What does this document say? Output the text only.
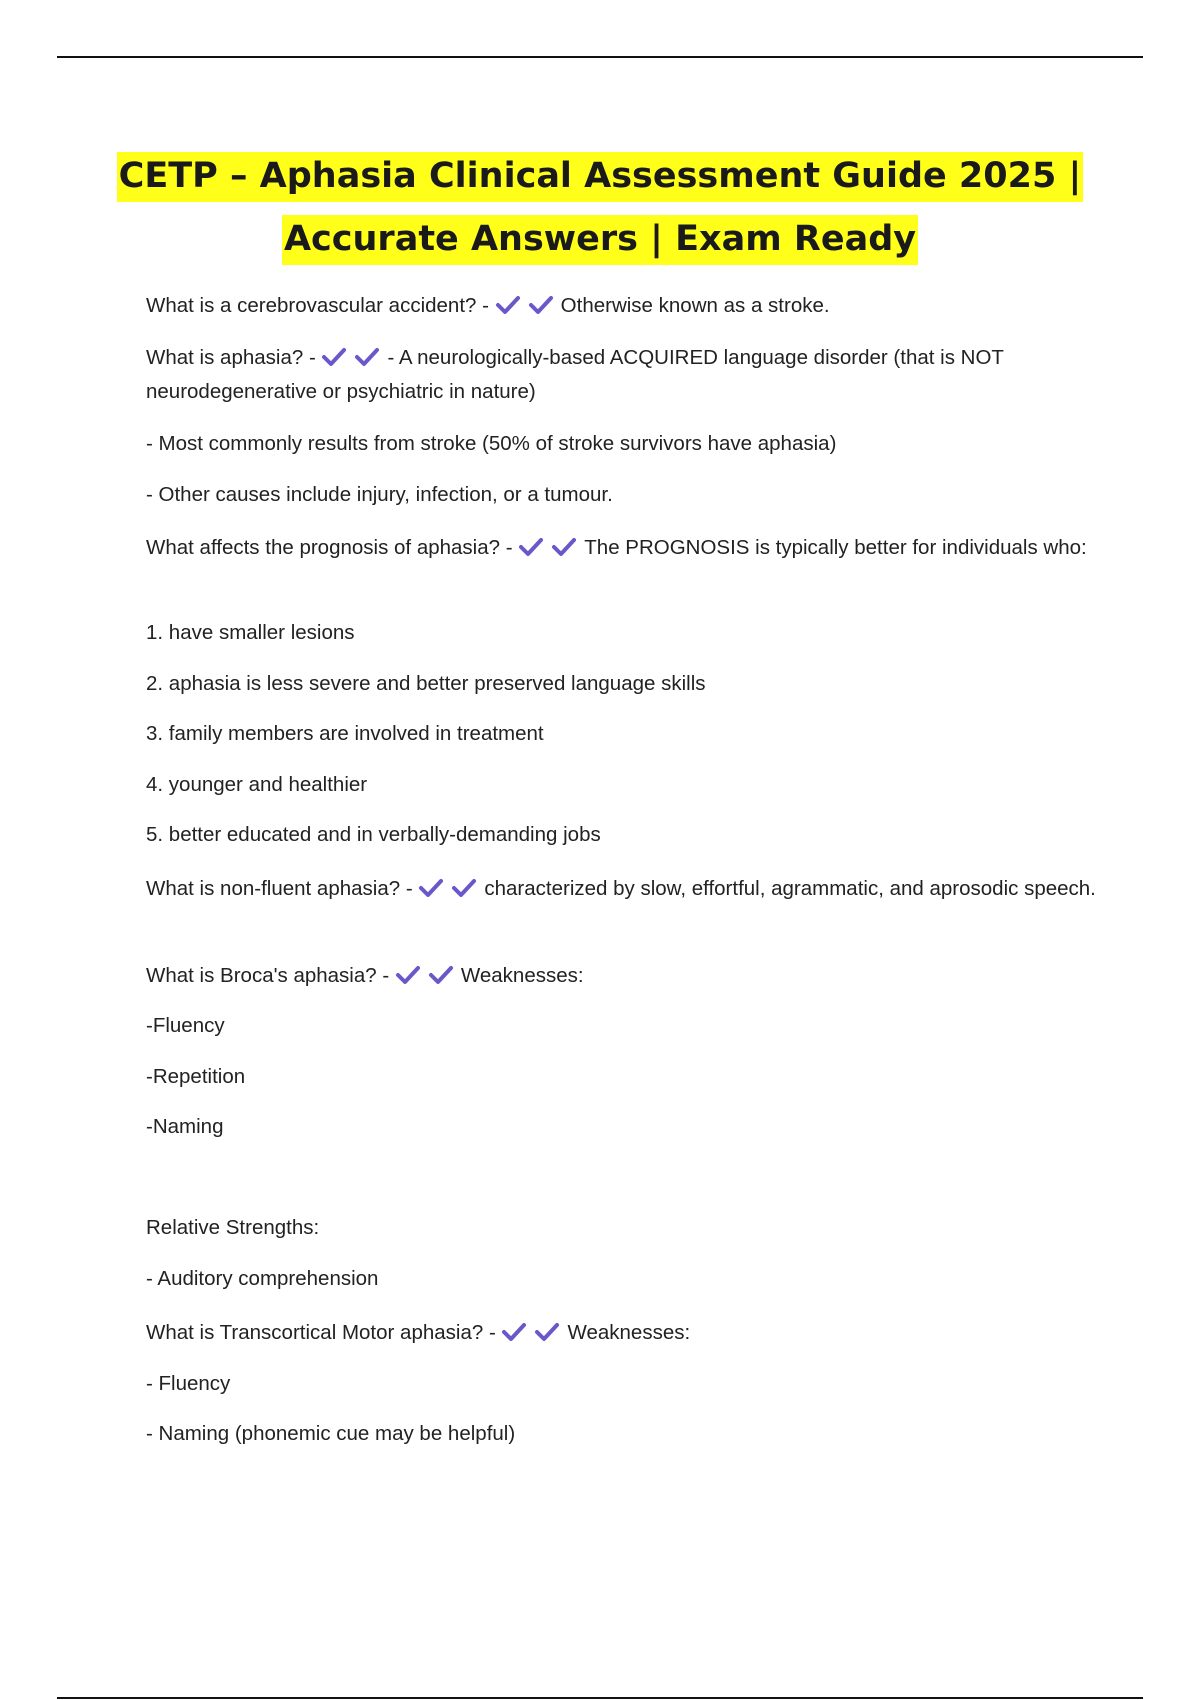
CETP – Aphasia Clinical Assessment Guide 2025 |
Accurate Answers | Exam Ready
What is a cerebrovascular accident? -	Otherwise known as a stroke.
What is aphasia? -	- A neurologically-based ACQUIRED language disorder (that is NOT neurodegenerative or psychiatric in nature)
- Most commonly results from stroke (50% of stroke survivors have aphasia)
- Other causes include injury, infection, or a tumour.
What affects the prognosis of aphasia? -	The PROGNOSIS is typically better for individuals who:
1. have smaller lesions
2. aphasia is less severe and better preserved language skills
3. family members are involved in treatment
4. younger and healthier
5. better educated and in verbally-demanding jobs
What is non-fluent aphasia? -	characterized by slow, effortful, agrammatic, and aprosodic speech.
What is Broca's aphasia? -	Weaknesses:
-Fluency
-Repetition
-Naming
Relative Strengths:
- Auditory comprehension
What is Transcortical Motor aphasia? -	Weaknesses:
- Fluency
- Naming (phonemic cue may be helpful)
